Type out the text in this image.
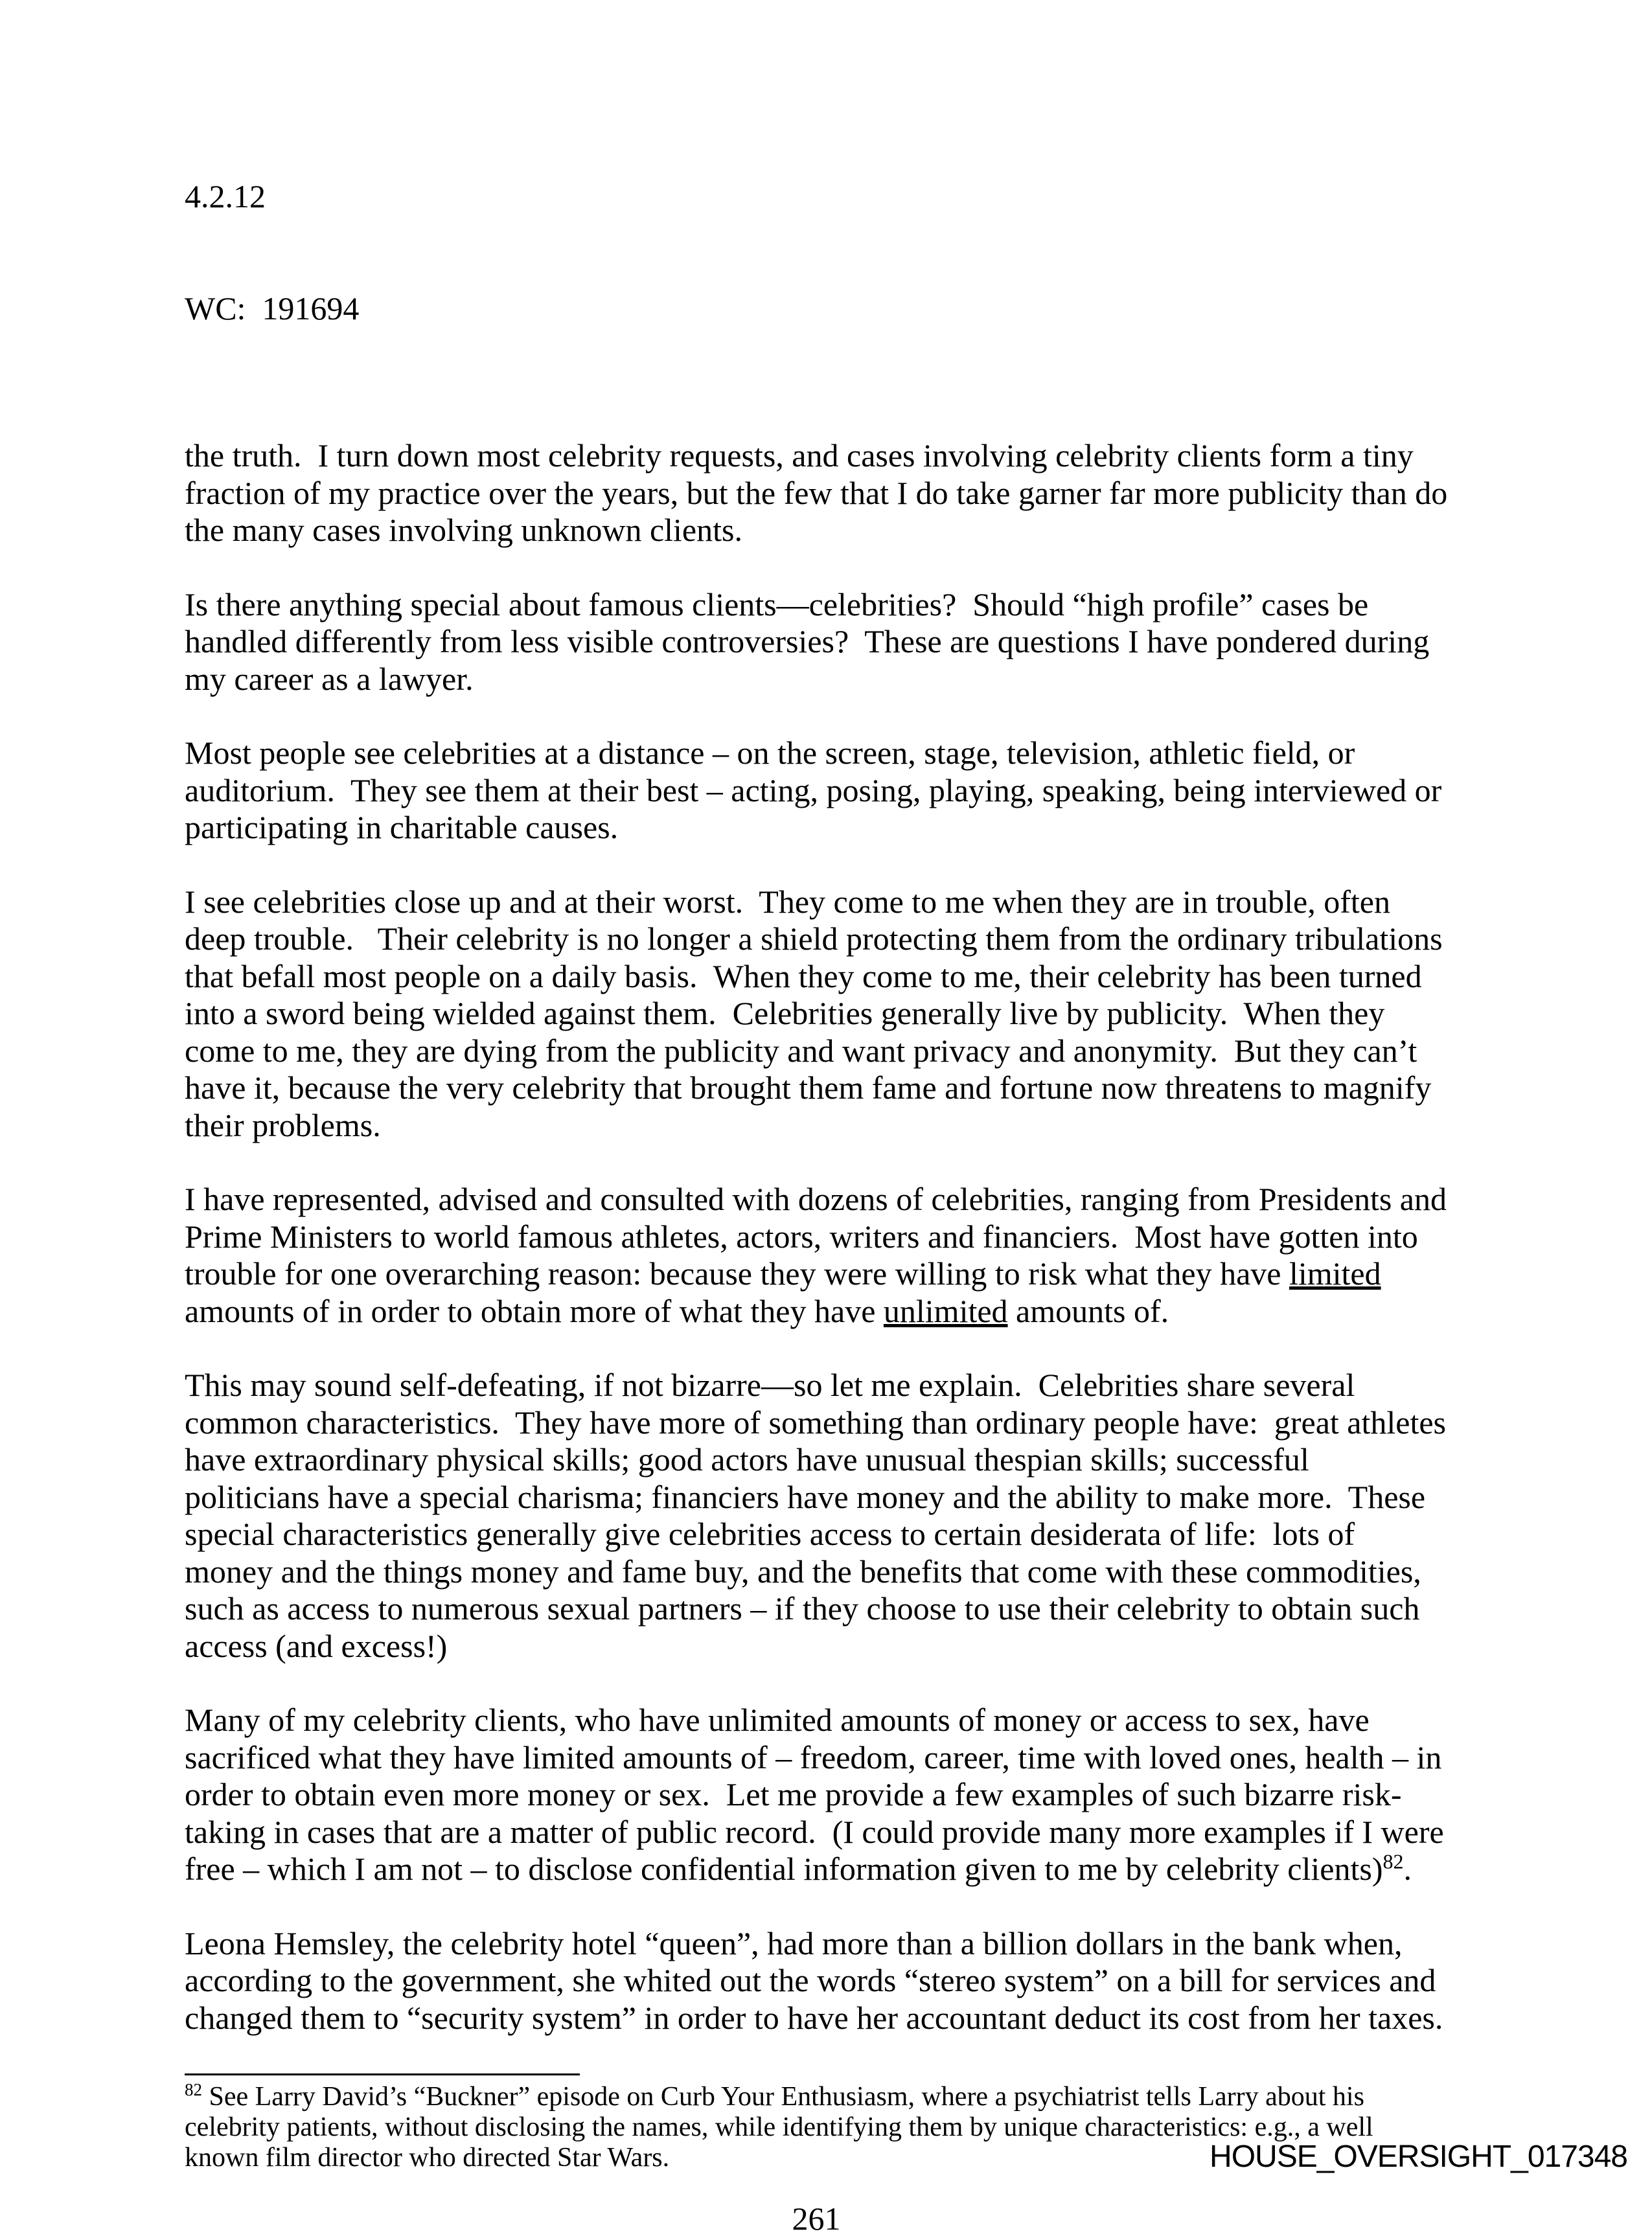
4.2.12

WC:  191694

the truth.  I turn down most celebrity requests, and cases involving celebrity clients form a tiny fraction of my practice over the years, but the few that I do take garner far more publicity than do the many cases involving unknown clients.

Is there anything special about famous clients—celebrities?  Should “high profile” cases be handled differently from less visible controversies?  These are questions I have pondered during my career as a lawyer.

Most people see celebrities at a distance – on the screen, stage, television, athletic field, or auditorium.  They see them at their best – acting, posing, playing, speaking, being interviewed or participating in charitable causes.

I see celebrities close up and at their worst.  They come to me when they are in trouble, often deep trouble.   Their celebrity is no longer a shield protecting them from the ordinary tribulations that befall most people on a daily basis.  When they come to me, their celebrity has been turned into a sword being wielded against them.  Celebrities generally live by publicity.  When they come to me, they are dying from the publicity and want privacy and anonymity.  But they can’t have it, because the very celebrity that brought them fame and fortune now threatens to magnify their problems.

I have represented, advised and consulted with dozens of celebrities, ranging from Presidents and Prime Ministers to world famous athletes, actors, writers and financiers.  Most have gotten into trouble for one overarching reason: because they were willing to risk what they have limited amounts of in order to obtain more of what they have unlimited amounts of.

This may sound self-defeating, if not bizarre—so let me explain.  Celebrities share several common characteristics.  They have more of something than ordinary people have:  great athletes have extraordinary physical skills; good actors have unusual thespian skills; successful politicians have a special charisma; financiers have money and the ability to make more.  These special characteristics generally give celebrities access to certain desiderata of life:  lots of money and the things money and fame buy, and the benefits that come with these commodities, such as access to numerous sexual partners – if they choose to use their celebrity to obtain such access (and excess!)

Many of my celebrity clients, who have unlimited amounts of money or access to sex, have sacrificed what they have limited amounts of – freedom, career, time with loved ones, health – in order to obtain even more money or sex.  Let me provide a few examples of such bizarre risk-taking in cases that are a matter of public record.  (I could provide many more examples if I were free – which I am not – to disclose confidential information given to me by celebrity clients)$^{82}$.

Leona Hemsley, the celebrity hotel “queen”, had more than a billion dollars in the bank when, according to the government, she whited out the words “stereo system” on a bill for services and changed them to “security system” in order to have her accountant deduct its cost from her taxes.

$^{82}$ See Larry David’s “Buckner” episode on Curb Your Enthusiasm, where a psychiatrist tells Larry about his celebrity patients, without disclosing the names, while identifying them by unique characteristics: e.g., a well known film director who directed Star Wars.
261
HOUSE_OVERSIGHT_017348
